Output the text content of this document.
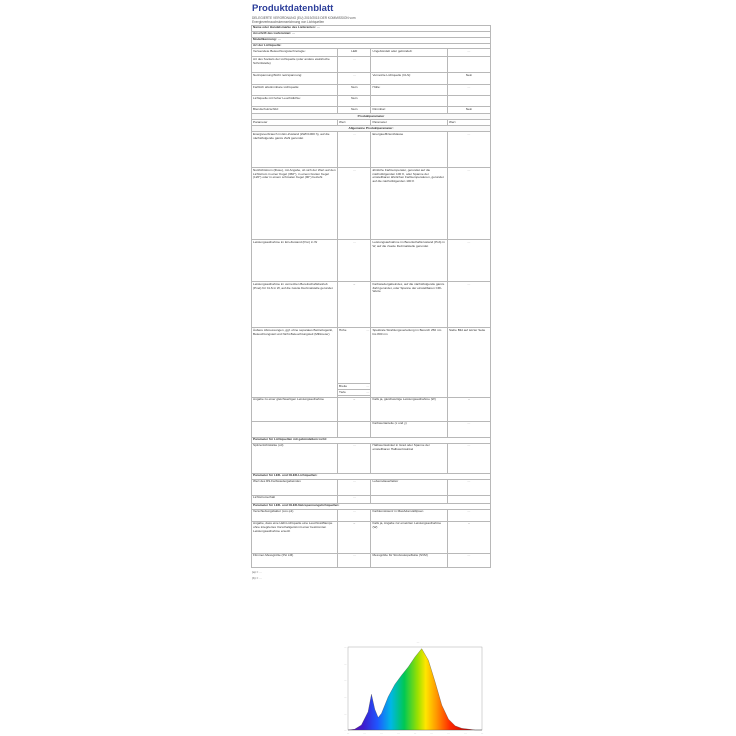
Produktdatenblatt
DELEGIERTE VERORDNUNG (EU) 2019/2015 DER KOMMISSION vom
Energieverbrauchskennzeichnung von Lichtquellen
Name oder Handelsmarke des Lieferanten: …			
Anschrift des Lieferanten: …			
Modellkennung: …			
Art der Lichtquelle:			
Verwendete Beleuchtungstechnologie:	LED	Ungebündelt oder gebündelt:	…
Art des Sockels der Lichtquelle (oder andere elektrische Schnittstelle)	…		
Netzspannung/Nicht netzspannung:	…	Vernetzte Lichtquelle (CLS):	Nein
Farblich abstimmbare Lichtquelle:	Nein	Hülle:	…
Lichtquelle mit hoher Leuchtdichte:	Nein		
Blendschutzschild:	Nein	Dimmbar:	Nein
Produktparameter			
Parameter	Wert	Parameter	Wert
Allgemeine Produktparameter:			
Energieverbrauch im Ein-Zustand (kWh/1000 h), auf die nächstfolgende ganze Zahl gerundet	…	Energieeffizienzklasse	…
Nutzlichtstrom (Φuse), mit Angabe, ob sich der Wert auf den Lichtstrom in einer Kugel (360°), in einem breiten Kegel (120°) oder in einem schmalen Kegel (90°) bezieht	…	ähnliche Farbtemperatur, gerundet auf die nächstfolgenden 100 K, oder Spanne der einstellbaren ähnlichen Farbtemperaturen, gerundet auf die nächstfolgenden 100 K	…
Leistungsaufnahme im Ein-Zustand (Pon) in W	…	Leistungsaufnahme im Bereitschaftszustand (Psb) in W, auf die zweite Dezimalstelle gerundet	…
Leistungsaufnahme im vernetzten Bereitschaftsbetrieb (Pnet) für CLS in W, auf die zweite Dezimalstelle gerundet	–	Farbwiedergabeindex, auf die nächstfolgende ganze Zahl gerundet, oder Spanne der einstellbaren CRI-Werte	…
Äußere Abmessungen, ggf. ohne separates Betriebsgerät, Beleuchtungsteil und Nicht-Beleuchtungsteil (Millimeter)	Höhe …	Spektrale Strahlungsverteilung im Bereich 250 nm bis 800 nm	Siehe Bild auf letzter Seite
	Breite …		

	Tiefe …		

Angabe zu einer gleichwertigen Leistungsaufnahme	–	Falls ja, gleichwertige Leistungsaufnahme (W)	–
		Farbwertanteile (x und y)	…
Parameter für Lichtquellen mit gebündeltem Licht:			
Spitzenlichtstärke (cd)	…	Halbwertswinkel in Grad oder Spanne der einstellbaren Halbwertswinkel	…
Parameter für LED- und OLED-Lichtquellen:			
Wert des R9-Farbwiedergabeindex	…	Lebensdauerfaktor	…
Lichtstromerhalt	…		
Parameter für LED- und OLED-Netzspannungslichtquellen:			
Verschiebungsfaktor (cos φ1)	…	Farbkonsistenz in MacAdam-Ellipsen	…
Angabe, dass eine LED-Lichtquelle eine Leuchtstofflampe ohne integriertes Vorschaltgerät mit einer bestimmten Leistungsaufnahme ersetzt	–	Falls ja, Angabe zur ersetzten Leistungsaufnahme (W)	–
Flimmer-Messgröße (Pst LM)	…	Messgröße für Stroboskopeffekte (SVM)	…
(a) = …
(b) = …
…
…	…	…	…	…	…	…	…	…
…
…
…
…
…
…
